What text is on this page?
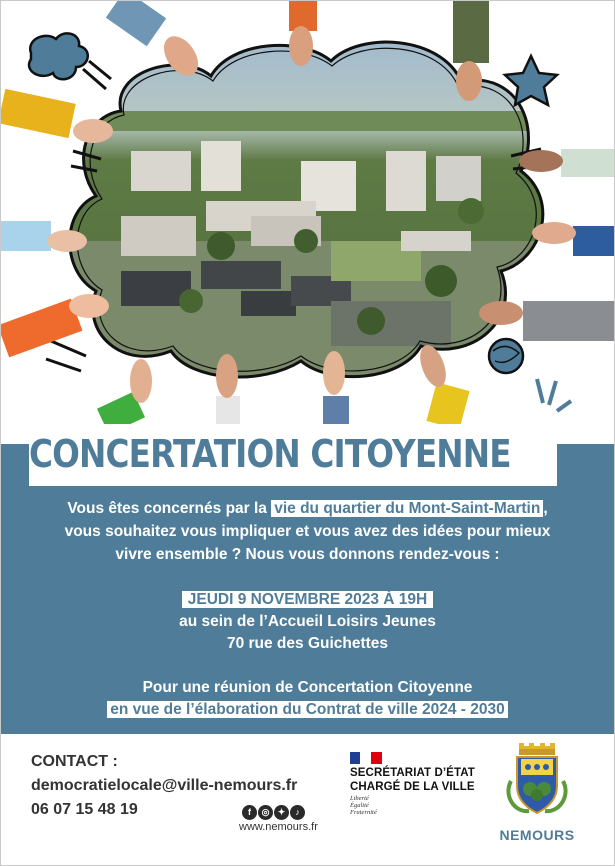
CONCERTATION CITOYENNE
Vous êtes concernés par la vie du quartier du Mont-Saint-Martin ,
vous souhaitez vous impliquer et vous avez des idées pour mieux
vivre ensemble ? Nous vous donnons rendez-vous :
JEUDI 9 NOVEMBRE 2023 À 19H
au sein de l’Accueil Loisirs Jeunes
70 rue des Guichettes
Pour une réunion de Concertation Citoyenne
en vue de l’élaboration du Contrat de ville 2024 - 2030
CONTACT :
democratielocale@ville-nemours.fr
06 07 15 48 19	f ◎ ✦ ♪
www.nemours.fr
SECRÉTARIAT D’ÉTAT
CHARGÉ DE LA VILLE
Liberté
Égalité
Fraternité
NEMOURS
